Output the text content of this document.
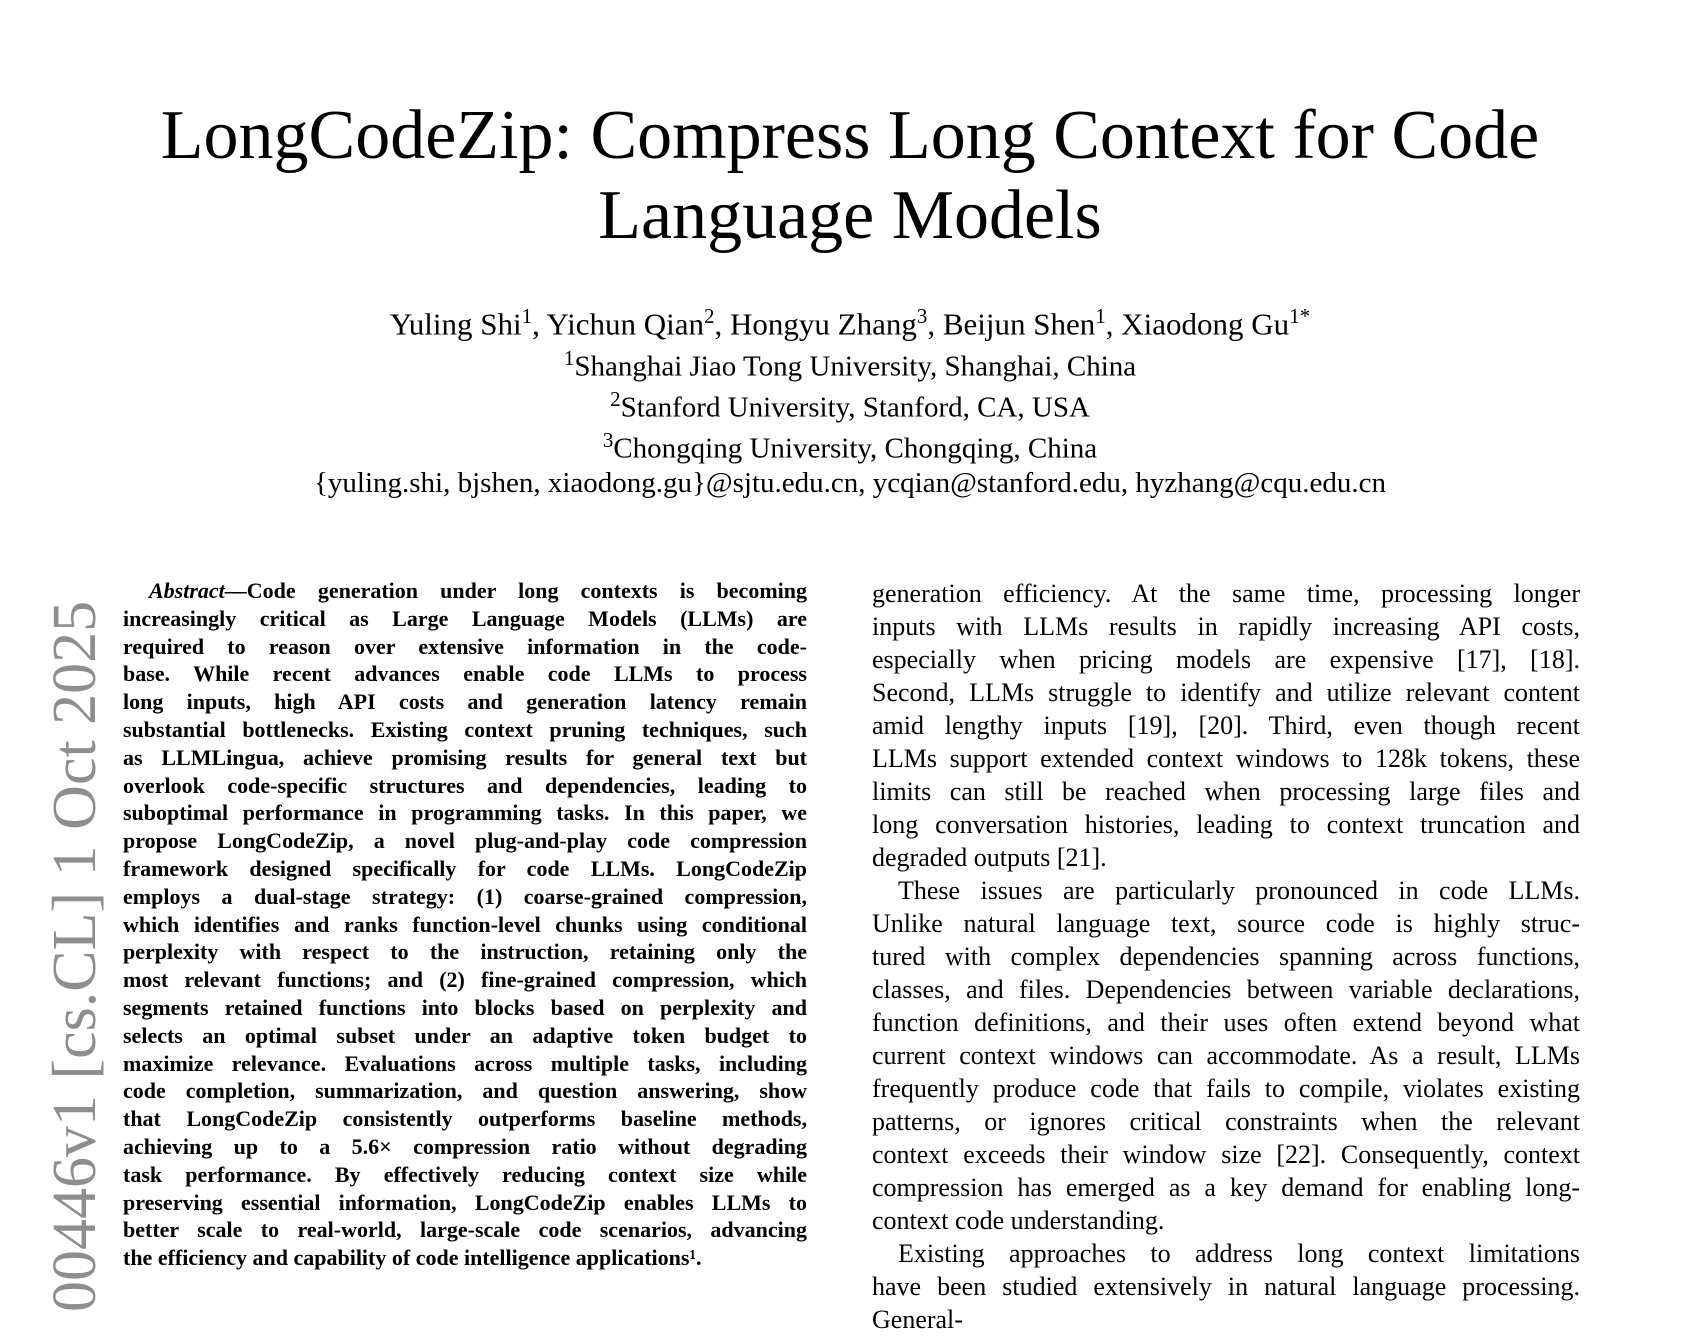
00446v1 [cs.CL] 1 Oct 2025
LongCodeZip: Compress Long Context for Code
Language Models
Yuling Shi$^1$, Yichun Qian$^2$, Hongyu Zhang$^3$, Beijun Shen$^1$, Xiaodong $Gu^{1*}$
$^1$Shanghai Jiao Tong University, Shanghai, China
$^2$Stanford University, Stanford, CA, USA
$^3$Chongqing University, Chongqing, China
{yuling.shi, bjshen, xiaodong.gu}@sjtu.edu.cn, ycqian@stanford.edu, hyzhang@cqu.edu.cn
Abstract—Code generation under long contexts is becoming
increasingly critical as Large Language Models (LLMs) are
required to reason over extensive information in the code-
base. While recent advances enable code LLMs to process
long inputs, high API costs and generation latency remain
substantial bottlenecks. Existing context pruning techniques, such
as LLMLingua, achieve promising results for general text but
overlook code-specific structures and dependencies, leading to
suboptimal performance in programming tasks. In this paper, we
propose LongCodeZip, a novel plug-and-play code compression
framework designed specifically for code LLMs. LongCodeZip
employs a dual-stage strategy: (1) coarse-grained compression,
which identifies and ranks function-level chunks using conditional
perplexity with respect to the instruction, retaining only the
most relevant functions; and (2) fine-grained compression, which
segments retained functions into blocks based on perplexity and
selects an optimal subset under an adaptive token budget to
maximize relevance. Evaluations across multiple tasks, including
code completion, summarization, and question answering, show
that LongCodeZip consistently outperforms baseline methods,
achieving up to a 5.6× compression ratio without degrading
task performance. By effectively reducing context size while
preserving essential information, LongCodeZip enables LLMs to
better scale to real-world, large-scale code scenarios, advancing
the efficiency and capability of code intelligence applications¹.
generation efficiency. At the same time, processing longer
inputs with LLMs results in rapidly increasing API costs,
especially when pricing models are expensive [17], [18].
Second, LLMs struggle to identify and utilize relevant content
amid lengthy inputs [19], [20]. Third, even though recent
LLMs support extended context windows to 128k tokens, these
limits can still be reached when processing large files and
long conversation histories, leading to context truncation and
degraded outputs [21].
These issues are particularly pronounced in code LLMs.
Unlike natural language text, source code is highly struc-
tured with complex dependencies spanning across functions,
classes, and files. Dependencies between variable declarations,
function definitions, and their uses often extend beyond what
current context windows can accommodate. As a result, LLMs
frequently produce code that fails to compile, violates existing
patterns, or ignores critical constraints when the relevant
context exceeds their window size [22]. Consequently, context
compression has emerged as a key demand for enabling long-
context code understanding.
Existing approaches to address long context limitations
have been studied extensively in natural language processing. General-
